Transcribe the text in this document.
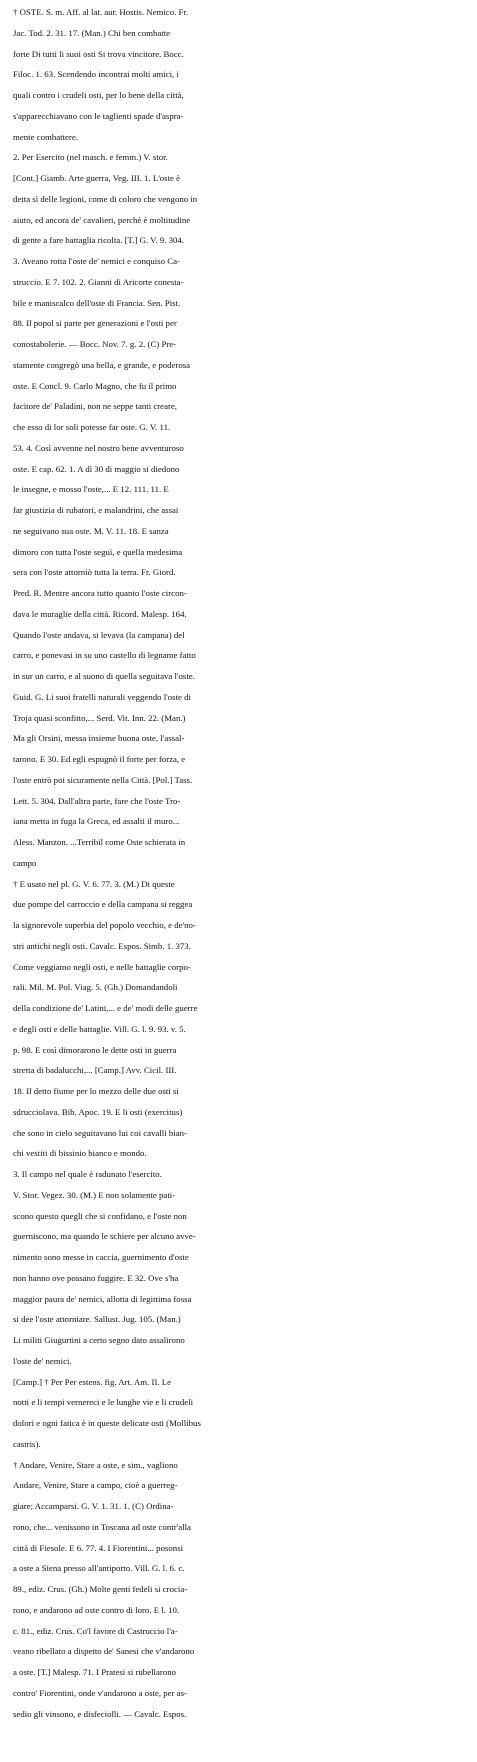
† OSTE. S. m. Aff. al lat. aur. Hostis. Nemico. Fr.
Jac. Tod. 2. 31. 17. (Man.) Chi ben combatte
forte Di tutti li suoi osti Si trova vincitore. Bocc.
Filoc. 1. 63. Scendendo incontrai molti amici, i
quali contro i crudeli osti, per lo bene della città,
s'apparecchiavano con le taglienti spade d'aspra-
mente combattere.
2. Per Esercito (nel masch. e femm.) V. stor.
[Cont.] Giamb. Arte guerra, Veg. III. 1. L'oste è
detta sì delle legioni, come di coloro che vengono in
aiuto, ed ancora de' cavalieri, perchè è moltitudine
di gente a fare battaglia ricolta. [T.] G. V. 9. 304.
3. Aveano rotta l'oste de' nemici e conquiso Ca-
struccio. E 7. 102. 2. Gianni di Aricorte conesta-
bile e maniscalco dell'oste di Francia. Sen. Pist.
88. Il popol si parte per generazioni e l'osti per
conostabolerie. — Bocc. Nov. 7. g. 2. (C) Pre-
stamente congregò una bella, e grande, e poderosa
oste. E Concl. 9. Carlo Magno, che fu il primo
facitore de' Paladini, non ne seppe tanti creare,
che esso di lor soli potesse far oste. G. V. 11.
53. 4. Così avvenne nel nostro bene avventuroso
oste. E cap. 62. 1. A dì 30 di maggio si diedono
le insegne, e mosso l'oste,... E 12. 111. 11. E
far giustizia di rubatori, e malandrini, che assai
ne seguivano sua oste. M. V. 11. 18. E sanza
dimoro con tutta l'oste seguì, e quella medesima
sera con l'oste attorniò tutta la terra. Fr. Giord.
Pred. R. Mentre ancora tutto quanto l'oste circon-
dava le muraglie della città. Ricord. Malesp. 164.
Quando l'oste andava, si levava (la campana) del
carro, e ponevasi in su uno castello di legname fatto
in sur un carro, e al suono di quella seguitava l'oste.
Guid. G. Li suoi fratelli naturali veggendo l'oste di
Troja quasi sconfitto,... Serd. Vit. Inn. 22. (Man.)
Ma gli Orsini, messa insieme buona oste, l'assal-
tarono. E 30. Ed egli espugnò il forte per forza, e
l'oste entrò poi sicuramente nella Città. [Pol.] Tass.
Lett. 5. 304. Dall'altra parte, fare che l'oste Tro-
iana metta in fuga la Greca, ed assalti il muro...
Aless. Manzon. ...Terribil come Oste schierata in
campo
† E usato nel pl. G. V. 6. 77. 3. (M.) Di queste
due pompe del carroccio e della campana si reggea
la signorevole superbia del popolo vecchio, e de'no-
stri antichi negli osti. Cavalc. Espos. Simb. 1. 373.
Come veggiamo negli osti, e nelle battaglie corpo-
rali. Mil. M. Pol. Viag. 5. (Gh.) Domandandoli
della condizione de' Latini,... e de' modi delle guerre
e degli osti e delle battaglie. Vill. G. l. 9. 93. v. 5.
p. 98. E così dimorarono le dette osti in guerra
stretta di badalucchi,... [Camp.] Avv. Cicil. III.
18. Il detto fiume per lo mezzo delle due osti si
sdrucciolava. Bib. Apoc. 19. E li osti (exercitus)
che sono in cielo seguitavano lui coi cavalli bian-
chi vestiti di bissinio bianco e mondo.
3. Il campo nel quale è radunato l'esercito.
V. Stor. Vegez. 30. (M.) E non solamente pati-
scono questo quegli che si confidano, e l'oste non
guerniscono, ma quando le schiere per alcuno avve-
nimento sono messe in caccia, guernimento d'oste
non hanno ove possano fuggire. E 32. Ove s'ha
maggior paura de' nemici, allotta di legittima fossa
si dee l'oste attorniare. Sallust. Jug. 105. (Man.)
Li militi Giugurtini a certo segno dato assalirono
l'oste de' nemici.
[Camp.] † Per Per estens. fig. Art. Am. II. Le
notti e li tempi vernereci e le lunghe vie e li crudeli
dolori e ogni fatica è in queste delicate osti (Mollibus
castris).
† Andare, Venire, Stare a oste, e sim., vagliono
Andare, Venire, Stare a campo, cioè a guerreg-
giare; Accamparsi. G. V. 1. 31. 1. (C) Ordina-
rono, che... venissono in Toscana ad oste contr'alla
città di Fiesole. E 6. 77. 4. I Fiorentini... posonsi
a oste a Siena presso all'antiporto. Vill. G. l. 6. c.
89., ediz. Crus. (Gh.) Molte genti fedeli si crocia-
rono, e andarono ad oste contro di loro. E l. 10.
c. 81., ediz. Crus. Co'l favore di Castruccio l'a-
veano ribellato a dispetto de' Sanesi che v'andarono
a oste. [T.] Malesp. 71. I Pratesi si rubellarono
contro' Fiorentini, onde v'andarono a oste, per as-
sedio gli vinsono, e disfeciolli. — Cavalc. Espos.
